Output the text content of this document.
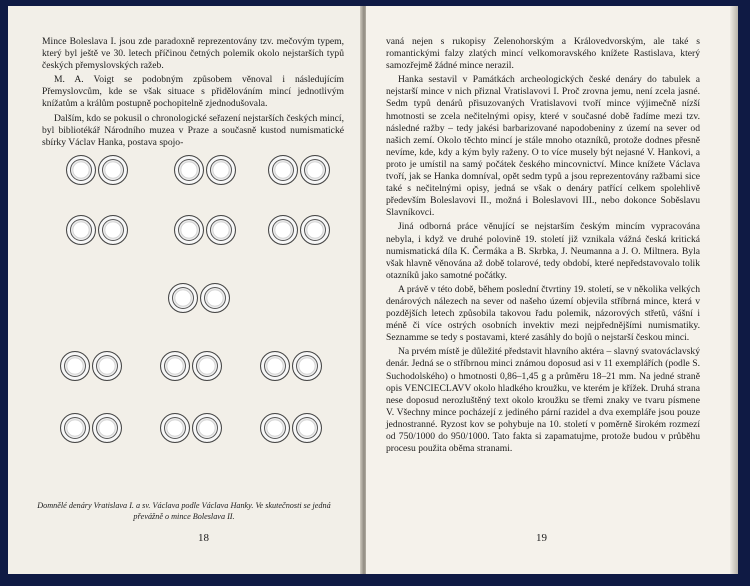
Mince Boleslava I. jsou zde paradoxně reprezentovány tzv. mečovým typem, který byl ještě ve 30. letech příčinou četných polemik okolo nejstarších typů českých přemyslovských ražeb.

M. A. Voigt se podobným způsobem věnoval i následujícím Přemyslovcům, kde se však situace s přidělováním mincí jednotlivým knížatům a králům postupně pochopitelně zjednodušovala.

Dalším, kdo se pokusil o chronologické seřazení nejstarších českých mincí, byl bibliotékář Národního muzea v Praze a současně kustod numismatické sbírky Václav Hanka, postava spojo-

Domnělé denáry Vratislava I. a sv. Václava podle Václava Hanky. Ve skutečnosti se jedná převážně o mince Boleslava II.
18

vaná nejen s rukopisy Zelenohorským a Královedvorským, ale také s romantickými falzy zlatých mincí velkomoravského knížete Rastislava, který samozřejmě žádné mince nerazil.

Hanka sestavil v Památkách archeologických české denáry do tabulek a nejstarší mince v nich přiznal Vratislavovi I. Proč zrovna jemu, není zcela jasné. Sedm typů denárů přisuzovaných Vratislavovi tvoří mince výjimečně nízší hmotnosti se zcela nečitelnými opisy, které v současné době řadíme mezi tzv. následné ražby – tedy jakési barbarizované napodobeniny z území na sever od našich zemí. Okolo těchto mincí je stále mnoho otazníků, protože dodnes přesně nevíme, kde, kdy a kým byly raženy. O to více musely být nejasné V. Hankovi, a proto je umístil na samý počátek českého mincovnictví. Mince knížete Václava tvoří, jak se Hanka domníval, opět sedm typů a jsou reprezentovány ražbami sice také s nečitelnými opisy, jedná se však o denáry patřící celkem spolehlivě především Boleslavovi II., možná i Boleslavovi III., nebo dokonce Soběslavu Slavníkovci.

Jiná odborná práce věnující se nejstarším českým mincím vypracována nebyla, i když ve druhé polovině 19. století již vznikala vážná česká kritická numismatická díla K. Čermáka a B. Skrbka, J. Neumanna a J. O. Miltnera. Byla však hlavně věnována až době tolarové, tedy období, které nepředstavovalo tolik otazníků jako samotné počátky.

A právě v této době, během poslední čtvrtiny 19. století, se v několika velkých denárových nálezech na sever od našeho území objevila stříbrná mince, která v pozdějších letech způsobila takovou řadu polemik, názorových střetů, vášní i méně či více ostrých osobních invektiv mezi nejpřednějšími numismatiky. Seznamme se tedy s postavami, které zasáhly do bojů o nejstarší českou minci.

Na prvém místě je důležité představit hlavního aktéra – slavný svatováclavský denár. Jedná se o stříbrnou minci známou doposud asi v 11 exemplářích (podle S. Suchodolského) o hmotnosti 0,86–1,45 g a průměru 18–21 mm. Na jedné straně opis VENCIECLAVV okolo hladkého kroužku, ve kterém je křížek. Druhá strana nese doposud nerozluštěný text okolo kroužku se třemi znaky ve tvaru písmene V. Všechny mince pocházejí z jediného pární razidel a dva exempláře jsou pouze jednostranné. Ryzost kov se pohybuje na 10. století v poměrně širokém rozmezí od 750/1000 do 950/1000. Tato fakta si zapamatujme, protože budou v průběhu procesu použita oběma stranami.

19
